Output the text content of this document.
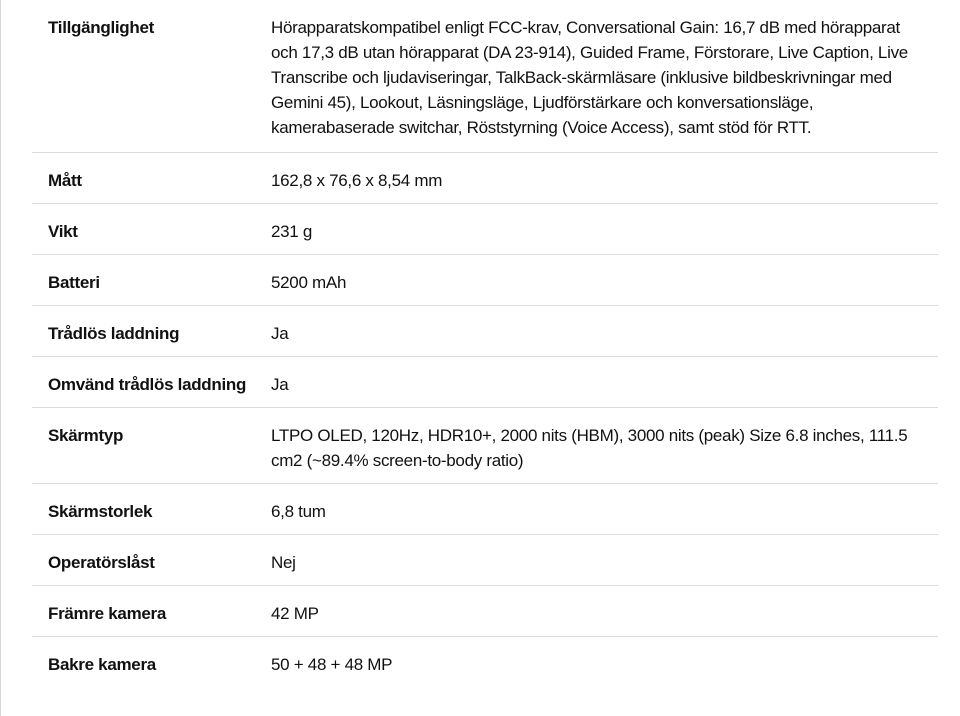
Tillgänglighet	Hörapparatskompatibel enligt FCC-krav, Conversational Gain: 16,7 dB med hörapparat och 17,3 dB utan hörapparat (DA 23-914), Guided Frame, Förstorare, Live Caption, Live Transcribe och ljudaviseringar, TalkBack-skärmläsare (inklusive bildbeskrivningar med Gemini 45), Lookout, Läsningsläge, Ljudförstärkare och konversationsläge, kamerabaserade switchar, Röststyrning (Voice Access), samt stöd för RTT.
Mått	162,8 x 76,6 x 8,54 mm
Vikt	231 g
Batteri	5200 mAh
Trådlös laddning	Ja
Omvänd trådlös laddning	Ja
Skärmtyp	LTPO OLED, 120Hz, HDR10+, 2000 nits (HBM), 3000 nits (peak) Size 6.8 inches, 111.5 cm2 (~89.4% screen-to-body ratio)
Skärmstorlek	6,8 tum
Operatörslåst	Nej
Främre kamera	42 MP
Bakre kamera	50 + 48 + 48 MP
